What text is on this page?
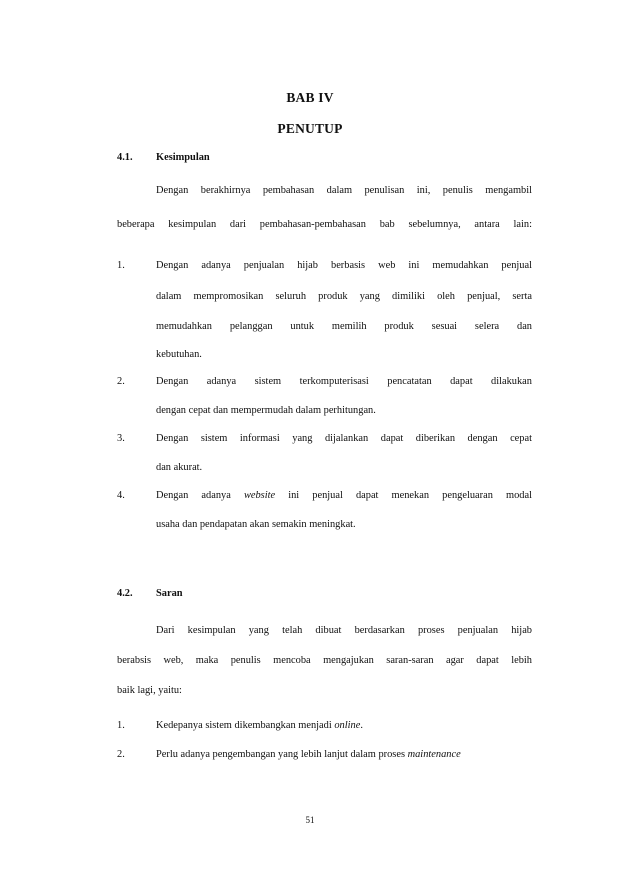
BAB IV
PENUTUP
4.1. Kesimpulan
Dengan berakhirnya pembahasan dalam penulisan ini, penulis mengambil
beberapa kesimpulan dari pembahasan-pembahasan bab sebelumnya, antara lain:
1.	Dengan adanya penjualan hijab berbasis web ini memudahkan penjual
dalam mempromosikan seluruh produk yang dimiliki oleh penjual, serta
memudahkan pelanggan untuk memilih produk sesuai selera dan
kebutuhan.
2.	Dengan adanya sistem terkomputerisasi pencatatan dapat dilakukan
dengan cepat dan mempermudah dalam perhitungan.
3.	Dengan sistem informasi yang dijalankan dapat diberikan dengan cepat
dan akurat.
4.	Dengan adanya website ini penjual dapat menekan pengeluaran modal
usaha dan pendapatan akan semakin meningkat.
4.2. Saran
Dari kesimpulan yang telah dibuat berdasarkan proses penjualan hijab
berabsis web, maka penulis mencoba mengajukan saran-saran agar dapat lebih
baik lagi, yaitu:
1.	Kedepanya sistem dikembangkan menjadi online.
2.	Perlu adanya pengembangan yang lebih lanjut dalam proses maintenance
51
